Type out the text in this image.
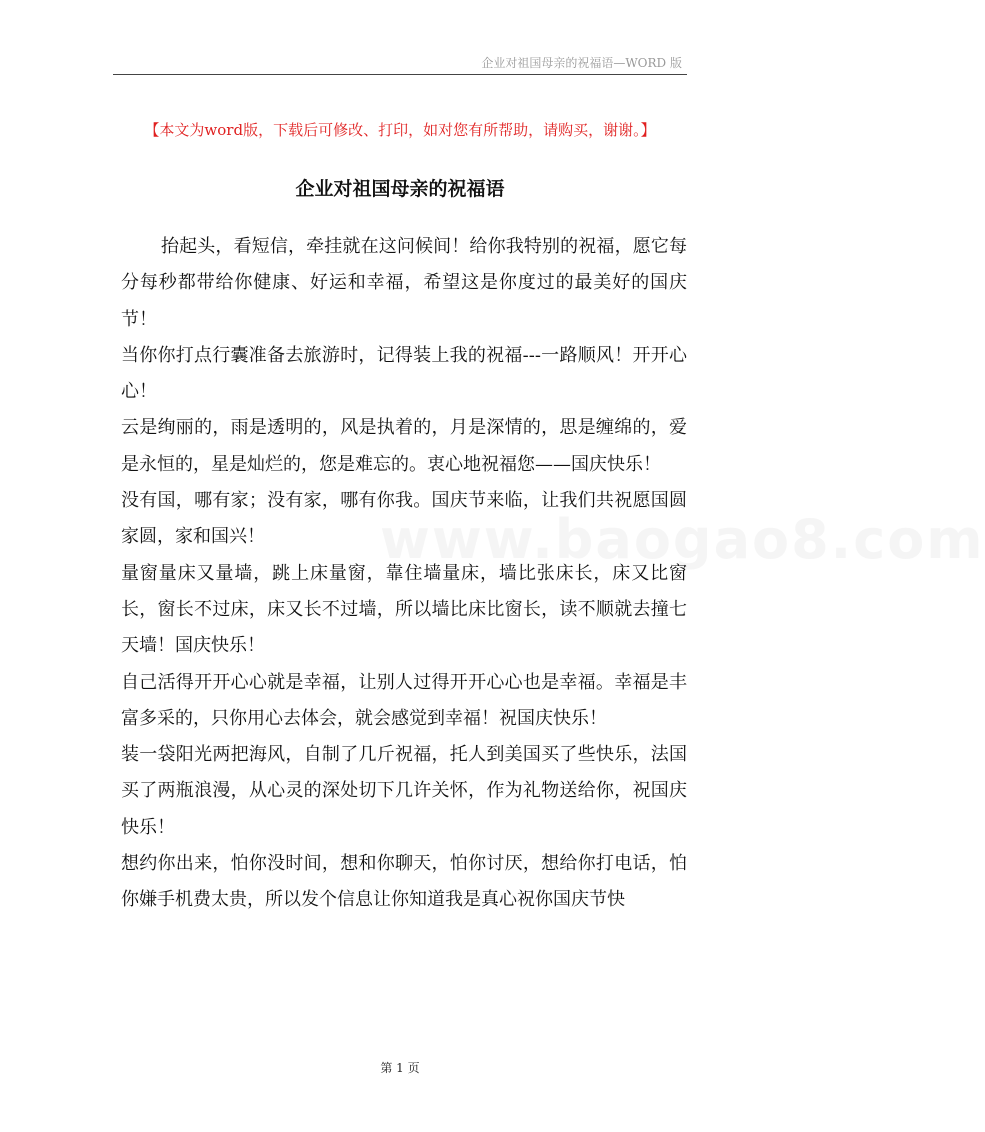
企业对祖国母亲的祝福语—WORD 版
【本文为word版，下载后可修改、打印，如对您有所帮助，请购买，谢谢。】
企业对祖国母亲的祝福语
www.baogao8.com

抬起头，看短信，牵挂就在这问候间！给你我特别的祝福，愿它每分每秒都带给你健康、好运和幸福，希望这是你度过的最美好的国庆节！

当你你打点行囊准备去旅游时，记得装上我的祝福---一路顺风！开开心心！

云是绚丽的，雨是透明的，风是执着的，月是深情的，思是缠绵的，爱是永恒的，星是灿烂的，您是难忘的。衷心地祝福您——国庆快乐！

没有国，哪有家；没有家，哪有你我。国庆节来临，让我们共祝愿国圆家圆，家和国兴！

量窗量床又量墙，跳上床量窗，靠住墙量床，墙比张床长，床又比窗长，窗长不过床，床又长不过墙，所以墙比床比窗长，读不顺就去撞七天墙！国庆快乐！

自己活得开开心心就是幸福，让别人过得开开心心也是幸福。幸福是丰富多采的，只你用心去体会，就会感觉到幸福！祝国庆快乐！

装一袋阳光两把海风，自制了几斤祝福，托人到美国买了些快乐，法国买了两瓶浪漫，从心灵的深处切下几许关怀，作为礼物送给你，祝国庆快乐！

想约你出来，怕你没时间，想和你聊天，怕你讨厌，想给你打电话，怕你嫌手机费太贵，所以发个信息让你知道我是真心祝你国庆节快

第 1 页
